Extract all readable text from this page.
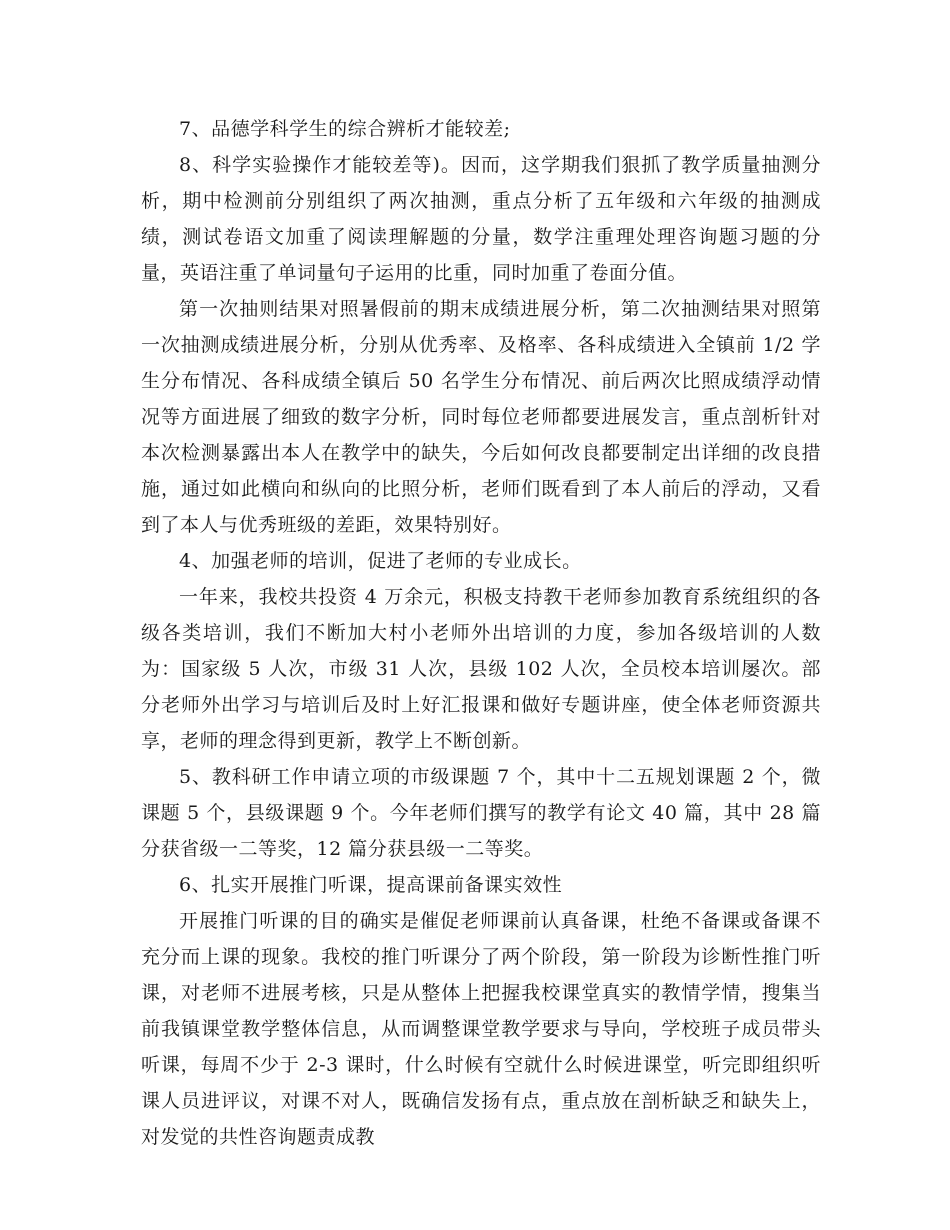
7、品德学科学生的综合辨析才能较差;

8、科学实验操作才能较差等)。因而，这学期我们狠抓了教学质量抽测分析，期中检测前分别组织了两次抽测，重点分析了五年级和六年级的抽测成绩，测试卷语文加重了阅读理解题的分量，数学注重理处理咨询题习题的分量，英语注重了单词量句子运用的比重，同时加重了卷面分值。

第一次抽则结果对照暑假前的期末成绩进展分析，第二次抽测结果对照第一次抽测成绩进展分析，分别从优秀率、及格率、各科成绩进入全镇前 1/2 学生分布情况、各科成绩全镇后 50 名学生分布情况、前后两次比照成绩浮动情况等方面进展了细致的数字分析，同时每位老师都要进展发言，重点剖析针对本次检测暴露出本人在教学中的缺失，今后如何改良都要制定出详细的改良措施，通过如此横向和纵向的比照分析，老师们既看到了本人前后的浮动，又看到了本人与优秀班级的差距，效果特别好。

4、加强老师的培训，促进了老师的专业成长。

一年来，我校共投资 4 万余元，积极支持教干老师参加教育系统组织的各级各类培训，我们不断加大村小老师外出培训的力度，参加各级培训的人数为：国家级 5 人次，市级 31 人次，县级 102 人次，全员校本培训屡次。部分老师外出学习与培训后及时上好汇报课和做好专题讲座，使全体老师资源共享，老师的理念得到更新，教学上不断创新。

5、教科研工作申请立项的市级课题 7 个，其中十二五规划课题 2 个，微课题 5 个，县级课题 9 个。今年老师们撰写的教学有论文 40 篇，其中 28 篇分获省级一二等奖，12 篇分获县级一二等奖。

6、扎实开展推门听课，提高课前备课实效性

开展推门听课的目的确实是催促老师课前认真备课，杜绝不备课或备课不充分而上课的现象。我校的推门听课分了两个阶段，第一阶段为诊断性推门听课，对老师不进展考核，只是从整体上把握我校课堂真实的教情学情，搜集当前我镇课堂教学整体信息，从而调整课堂教学要求与导向，学校班子成员带头听课，每周不少于 2-3 课时，什么时候有空就什么时候进课堂，听完即组织听课人员进评议，对课不对人，既确信发扬有点，重点放在剖析缺乏和缺失上，对发觉的共性咨询题责成教
